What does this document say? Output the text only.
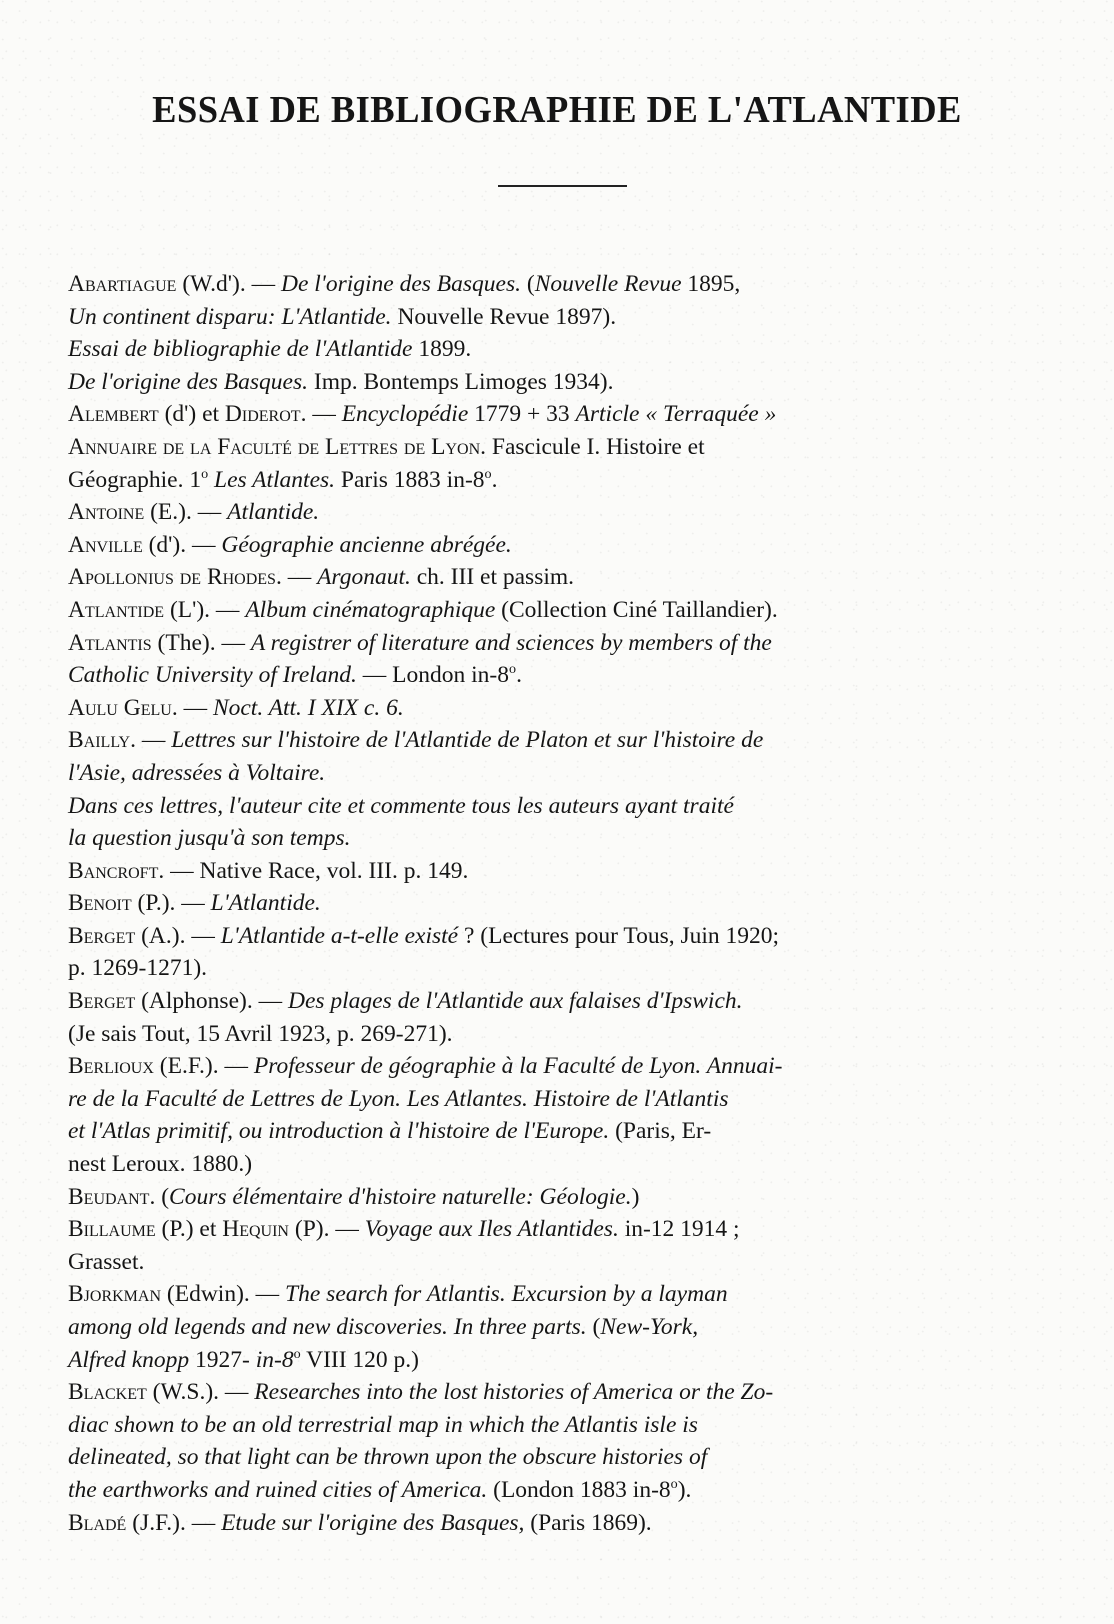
ESSAI DE BIBLIOGRAPHIE DE L'ATLANTIDE
Abartiague (W.d'). — De l'origine des Basques. (Nouvelle Revue 1895,
Un continent disparu: L'Atlantide. Nouvelle Revue 1897).
Essai de bibliographie de l'Atlantide 1899.
De l'origine des Basques. Imp. Bontemps Limoges 1934).
Alembert (d') et Diderot. — Encyclopédie 1779 + 33 Article « Terraquée »
Annuaire de la Faculté de Lettres de Lyon. Fascicule I. Histoire et
Géographie. 1$^o$ Les Atlantes. Paris 1883 in-8$^o$.
Antoine (E.). — Atlantide.
Anville (d'). — Géographie ancienne abrégée.
Apollonius de Rhodes. — Argonaut. ch. III et passim.
Atlantide (L'). — Album cinématographique (Collection Ciné Taillandier).
Atlantis (The). — A registrer of literature and sciences by members of the
Catholic University of Ireland. — London in-8$^o$.
Aulu Gelu. — Noct. Att. I XIX c. 6.
Bailly. — Lettres sur l'histoire de l'Atlantide de Platon et sur l'histoire de
l'Asie, adressées à Voltaire.
Dans ces lettres, l'auteur cite et commente tous les auteurs ayant traité
la question jusqu'à son temps.
Bancroft. — Native Race, vol. III. p. 149.
Benoit (P.). — L'Atlantide.
Berget (A.). — L'Atlantide a-t-elle existé ? (Lectures pour Tous, Juin 1920;
p. 1269-1271).
Berget (Alphonse). — Des plages de l'Atlantide aux falaises d'Ipswich.
(Je sais Tout, 15 Avril 1923, p. 269-271).
Berlioux (E.F.). — Professeur de géographie à la Faculté de Lyon. Annuai-
re de la Faculté de Lettres de Lyon. Les Atlantes. Histoire de l'Atlantis
et l'Atlas primitif, ou introduction à l'histoire de l'Europe. (Paris, Er-
nest Leroux. 1880.)
Beudant. (Cours élémentaire d'histoire naturelle: Géologie.)
Billaume (P.) et Hequin (P). — Voyage aux Iles Atlantides. in-12 1914 ;
Grasset.
Bjorkman (Edwin). — The search for Atlantis. Excursion by a layman
among old legends and new discoveries. In three parts. (New-York,
Alfred knopp 1927- in-8$^o$ VIII 120 p.)
Blacket (W.S.). — Researches into the lost histories of America or the Zo-
diac shown to be an old terrestrial map in which the Atlantis isle is
delineated, so that light can be thrown upon the obscure histories of
the earthworks and ruined cities of America. (London 1883 in-8$^o$).
Bladé (J.F.). — Etude sur l'origine des Basques, (Paris 1869).
